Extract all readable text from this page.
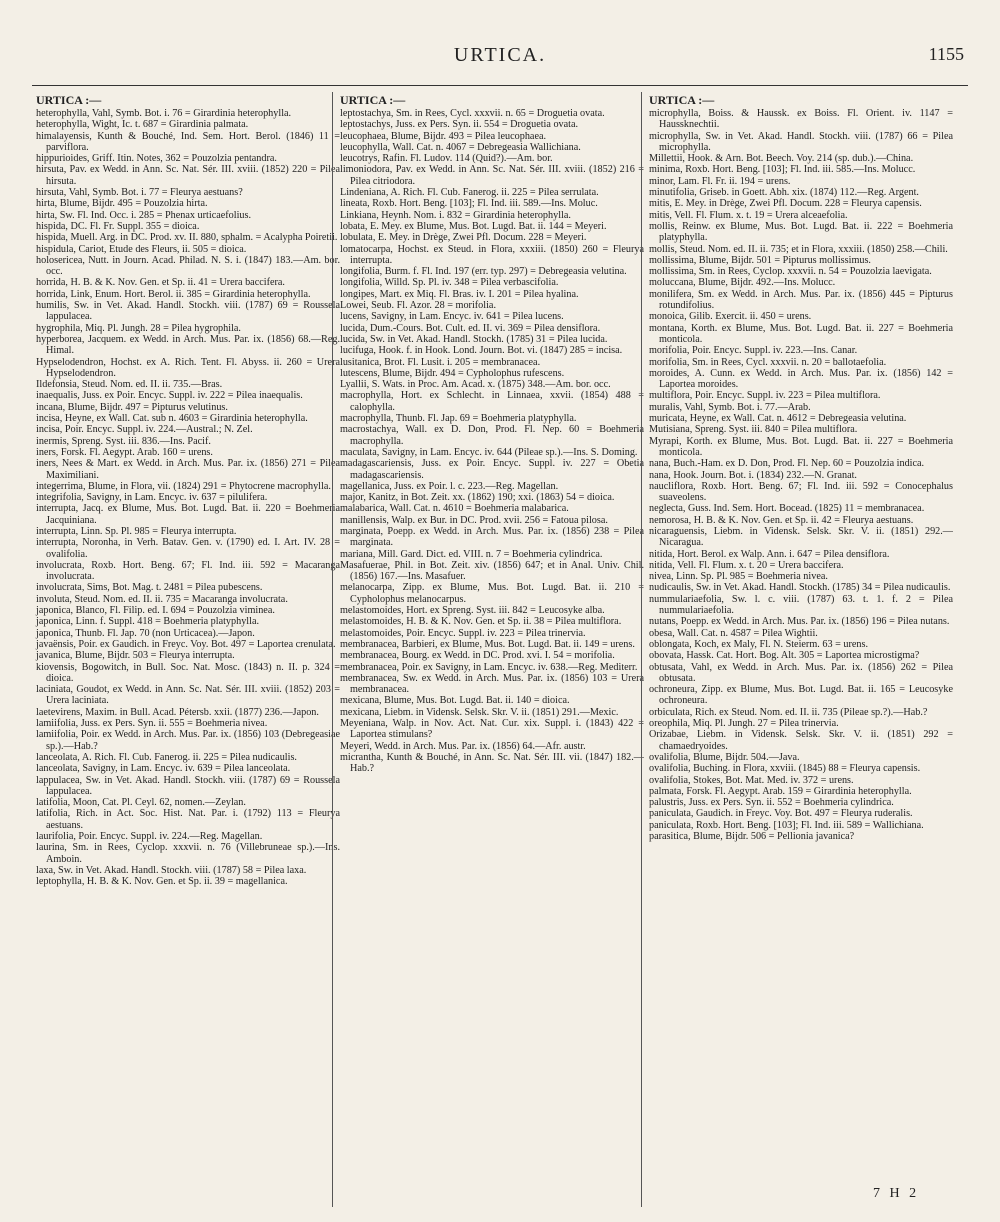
URTICA.	1155
URTICA :—

heterophylla, Vahl, Symb. Bot. i. 76 = Girardinia heterophylla.

heterophylla, Wight, Ic. t. 687 = Girardinia palmata.

himalayensis, Kunth & Bouché, Ind. Sem. Hort. Berol. (1846) 11 = parviflora.

hippurioides, Griff. Itin. Notes, 362 = Pouzolzia pentandra.

hirsuta, Pav. ex Wedd. in Ann. Sc. Nat. Sér. III. xviii. (1852) 220 = Pilea hirsuta.

hirsuta, Vahl, Symb. Bot. i. 77 = Fleurya aestuans?

hirta, Blume, Bijdr. 495 = Pouzolzia hirta.

hirta, Sw. Fl. Ind. Occ. i. 285 = Phenax urticaefolius.

hispida, DC. Fl. Fr. Suppl. 355 = dioica.

hispida, Muell. Arg. in DC. Prod. xv. II. 880, sphalm. = Acalypha Poiretii.

hispidula, Cariot, Etude des Fleurs, ii. 505 = dioica.

holosericea, Nutt. in Journ. Acad. Philad. N. S. i. (1847) 183.—Am. bor. occ.

horrida, H. B. & K. Nov. Gen. et Sp. ii. 41 = Urera baccifera.

horrida, Link, Enum. Hort. Berol. ii. 385 = Girardinia heterophylla.

humilis, Sw. in Vet. Akad. Handl. Stockh. viii. (1787) 69 = Roussela lappulacea.

hygrophila, Miq. Pl. Jungh. 28 = Pilea hygrophila.

hyperborea, Jacquem. ex Wedd. in Arch. Mus. Par. ix. (1856) 68.—Reg. Himal.

Hypselodendron, Hochst. ex A. Rich. Tent. Fl. Abyss. ii. 260 = Urera Hypselodendron.

Ildefonsia, Steud. Nom. ed. II. ii. 735.—Bras.

inaequalis, Juss. ex Poir. Encyc. Suppl. iv. 222 = Pilea inaequalis.

incana, Blume, Bijdr. 497 = Pipturus velutinus.

incisa, Heyne, ex Wall. Cat. sub n. 4603 = Girardinia heterophylla.

incisa, Poir. Encyc. Suppl. iv. 224.—Austral.; N. Zel.

inermis, Spreng. Syst. iii. 836.—Ins. Pacif.

iners, Forsk. Fl. Aegypt. Arab. 160 = urens.

iners, Nees & Mart. ex Wedd. in Arch. Mus. Par. ix. (1856) 271 = Pilea Maximiliani.

integerrima, Blume, in Flora, vii. (1824) 291 = Phytocrene macrophylla.

integrifolia, Savigny, in Lam. Encyc. iv. 637 = pilulifera.

interrupta, Jacq. ex Blume, Mus. Bot. Lugd. Bat. ii. 220 = Boehmeria Jacquiniana.

interrupta, Linn. Sp. Pl. 985 = Fleurya interrupta.

interrupta, Noronha, in Verh. Batav. Gen. v. (1790) ed. I. Art. IV. 28 = ovalifolia.

involucrata, Roxb. Hort. Beng. 67; Fl. Ind. iii. 592 = Macaranga involucrata.

involucrata, Sims, Bot. Mag. t. 2481 = Pilea pubescens.

involuta, Steud. Nom. ed. II. ii. 735 = Macaranga involucrata.

japonica, Blanco, Fl. Filip. ed. I. 694 = Pouzolzia viminea.

japonica, Linn. f. Suppl. 418 = Boehmeria platyphylla.

japonica, Thunb. Fl. Jap. 70 (non Urticacea).—Japon.

javaënsis, Poir. ex Gaudich. in Freyc. Voy. Bot. 497 = Laportea crenulata.

javanica, Blume, Bijdr. 503 = Fleurya interrupta.

kiovensis, Bogowitch, in Bull. Soc. Nat. Mosc. (1843) n. II. p. 324 = dioica.

laciniata, Goudot, ex Wedd. in Ann. Sc. Nat. Sér. III. xviii. (1852) 203 = Urera laciniata.

laetevirens, Maxim. in Bull. Acad. Pétersb. xxii. (1877) 236.—Japon.

lamiifolia, Juss. ex Pers. Syn. ii. 555 = Boehmeria nivea.

lamiifolia, Poir. ex Wedd. in Arch. Mus. Par. ix. (1856) 103 (Debregeasiae sp.).—Hab.?

lanceolata, A. Rich. Fl. Cub. Fanerog. ii. 225 = Pilea nudicaulis.

lanceolata, Savigny, in Lam. Encyc. iv. 639 = Pilea lanceolata.

lappulacea, Sw. in Vet. Akad. Handl. Stockh. viii. (1787) 69 = Roussela lappulacea.

latifolia, Moon, Cat. Pl. Ceyl. 62, nomen.—Zeylan.

latifolia, Rich. in Act. Soc. Hist. Nat. Par. i. (1792) 113 = Fleurya aestuans.

laurifolia, Poir. Encyc. Suppl. iv. 224.—Reg. Magellan.

laurina, Sm. in Rees, Cyclop. xxxvii. n. 76 (Villebruneae sp.).—Ins. Amboin.

laxa, Sw. in Vet. Akad. Handl. Stockh. viii. (1787) 58 = Pilea laxa.

leptophylla, H. B. & K. Nov. Gen. et Sp. ii. 39 = magellanica.

URTICA :—

leptostachya, Sm. in Rees, Cycl. xxxvii. n. 65 = Droguetia ovata.

leptostachys, Juss. ex Pers. Syn. ii. 554 = Droguetia ovata.

leucophaea, Blume, Bijdr. 493 = Pilea leucophaea.

leucophylla, Wall. Cat. n. 4067 = Debregeasia Wallichiana.

leucotrys, Rafin. Fl. Ludov. 114 (Quid?).—Am. bor.

limoniodora, Pav. ex Wedd. in Ann. Sc. Nat. Sér. III. xviii. (1852) 216 = Pilea citriodora.

Lindeniana, A. Rich. Fl. Cub. Fanerog. ii. 225 = Pilea serrulata.

lineata, Roxb. Hort. Beng. [103]; Fl. Ind. iii. 589.—Ins. Moluc.

Linkiana, Heynh. Nom. i. 832 = Girardinia heterophylla.

lobata, E. Mey. ex Blume, Mus. Bot. Lugd. Bat. ii. 144 = Meyeri.

lobulata, E. Mey. in Drège, Zwei Pfl. Docum. 228 = Meyeri.

lomatocarpa, Hochst. ex Steud. in Flora, xxxiii. (1850) 260 = Fleurya interrupta.

longifolia, Burm. f. Fl. Ind. 197 (err. typ. 297) = Debregeasia velutina.

longifolia, Willd. Sp. Pl. iv. 348 = Pilea verbascifolia.

longipes, Mart. ex Miq. Fl. Bras. iv. I. 201 = Pilea hyalina.

Lowei, Seub. Fl. Azor. 28 = morifolia.

lucens, Savigny, in Lam. Encyc. iv. 641 = Pilea lucens.

lucida, Dum.-Cours. Bot. Cult. ed. II. vi. 369 = Pilea densiflora.

lucida, Sw. in Vet. Akad. Handl. Stockh. (1785) 31 = Pilea lucida.

lucifuga, Hook. f. in Hook. Lond. Journ. Bot. vi. (1847) 285 = incisa.

lusitanica, Brot. Fl. Lusit. i. 205 = membranacea.

lutescens, Blume, Bijdr. 494 = Cypholophus rufescens.

Lyallii, S. Wats. in Proc. Am. Acad. x. (1875) 348.—Am. bor. occ.

macrophylla, Hort. ex Schlecht. in Linnaea, xxvii. (1854) 488 = calophylla.

macrophylla, Thunb. Fl. Jap. 69 = Boehmeria platyphylla.

macrostachya, Wall. ex D. Don, Prod. Fl. Nep. 60 = Boehmeria macrophylla.

maculata, Savigny, in Lam. Encyc. iv. 644 (Pileae sp.).—Ins. S. Doming.

madagascariensis, Juss. ex Poir. Encyc. Suppl. iv. 227 = Obetia madagascariensis.

magellanica, Juss. ex Poir. l. c. 223.—Reg. Magellan.

major, Kanitz, in Bot. Zeit. xx. (1862) 190; xxi. (1863) 54 = dioica.

malabarica, Wall. Cat. n. 4610 = Boehmeria malabarica.

manillensis, Walp. ex Bur. in DC. Prod. xvii. 256 = Fatoua pilosa.

marginata, Poepp. ex Wedd. in Arch. Mus. Par. ix. (1856) 238 = Pilea marginata.

mariana, Mill. Gard. Dict. ed. VIII. n. 7 = Boehmeria cylindrica.

Masafuerae, Phil. in Bot. Zeit. xiv. (1856) 647; et in Anal. Univ. Chil. (1856) 167.—Ins. Masafuer.

melanocarpa, Zipp. ex Blume, Mus. Bot. Lugd. Bat. ii. 210 = Cypholophus melanocarpus.

melastomoides, Hort. ex Spreng. Syst. iii. 842 = Leucosyke alba.

melastomoides, H. B. & K. Nov. Gen. et Sp. ii. 38 = Pilea multiflora.

melastomoides, Poir. Encyc. Suppl. iv. 223 = Pilea trinervia.

membranacea, Barbieri, ex Blume, Mus. Bot. Lugd. Bat. ii. 149 = urens.

membranacea, Bourg. ex Wedd. in DC. Prod. xvi. I. 54 = morifolia.

membranacea, Poir. ex Savigny, in Lam. Encyc. iv. 638.—Reg. Mediterr.

membranacea, Sw. ex Wedd. in Arch. Mus. Par. ix. (1856) 103 = Urera membranacea.

mexicana, Blume, Mus. Bot. Lugd. Bat. ii. 140 = dioica.

mexicana, Liebm. in Vidensk. Selsk. Skr. V. ii. (1851) 291.—Mexic.

Meyeniana, Walp. in Nov. Act. Nat. Cur. xix. Suppl. i. (1843) 422 = Laportea stimulans?

Meyeri, Wedd. in Arch. Mus. Par. ix. (1856) 64.—Afr. austr.

micrantha, Kunth & Bouché, in Ann. Sc. Nat. Sér. III. vii. (1847) 182.—Hab.?

URTICA :—

microphylla, Boiss. & Haussk. ex Boiss. Fl. Orient. iv. 1147 = Haussknechtii.

microphylla, Sw. in Vet. Akad. Handl. Stockh. viii. (1787) 66 = Pilea microphylla.

Millettii, Hook. & Arn. Bot. Beech. Voy. 214 (sp. dub.).—China.

minima, Roxb. Hort. Beng. [103]; Fl. Ind. iii. 585.—Ins. Molucc.

minor, Lam. Fl. Fr. ii. 194 = urens.

minutifolia, Griseb. in Goett. Abh. xix. (1874) 112.—Reg. Argent.

mitis, E. Mey. in Drège, Zwei Pfl. Docum. 228 = Fleurya capensis.

mitis, Vell. Fl. Flum. x. t. 19 = Urera alceaefolia.

mollis, Reinw. ex Blume, Mus. Bot. Lugd. Bat. ii. 222 = Boehmeria platyphylla.

mollis, Steud. Nom. ed. II. ii. 735; et in Flora, xxxiii. (1850) 258.—Chili.

mollissima, Blume, Bijdr. 501 = Pipturus mollissimus.

mollissima, Sm. in Rees, Cyclop. xxxvii. n. 54 = Pouzolzia laevigata.

moluccana, Blume, Bijdr. 492.—Ins. Molucc.

monilifera, Sm. ex Wedd. in Arch. Mus. Par. ix. (1856) 445 = Pipturus rotundifolius.

monoica, Gilib. Exercit. ii. 450 = urens.

montana, Korth. ex Blume, Mus. Bot. Lugd. Bat. ii. 227 = Boehmeria monticola.

morifolia, Poir. Encyc. Suppl. iv. 223.—Ins. Canar.

morifolia, Sm. in Rees, Cycl. xxxvii. n. 20 = ballotaefolia.

moroides, A. Cunn. ex Wedd. in Arch. Mus. Par. ix. (1856) 142 = Laportea moroides.

multiflora, Poir. Encyc. Suppl. iv. 223 = Pilea multiflora.

muralis, Vahl, Symb. Bot. i. 77.—Arab.

muricata, Heyne, ex Wall. Cat. n. 4612 = Debregeasia velutina.

Mutisiana, Spreng. Syst. iii. 840 = Pilea multiflora.

Myrapi, Korth. ex Blume, Mus. Bot. Lugd. Bat. ii. 227 = Boehmeria monticola.

nana, Buch.-Ham. ex D. Don, Prod. Fl. Nep. 60 = Pouzolzia indica.

nana, Hook. Journ. Bot. i. (1834) 232.—N. Granat.

naucliflora, Roxb. Hort. Beng. 67; Fl. Ind. iii. 592 = Conocephalus suaveolens.

neglecta, Guss. Ind. Sem. Hort. Bocead. (1825) 11 = membranacea.

nemorosa, H. B. & K. Nov. Gen. et Sp. ii. 42 = Fleurya aestuans.

nicaraguensis, Liebm. in Vidensk. Selsk. Skr. V. ii. (1851) 292.—Nicaragua.

nitida, Hort. Berol. ex Walp. Ann. i. 647 = Pilea densiflora.

nitida, Vell. Fl. Flum. x. t. 20 = Urera baccifera.

nivea, Linn. Sp. Pl. 985 = Boehmeria nivea.

nudicaulis, Sw. in Vet. Akad. Handl. Stockh. (1785) 34 = Pilea nudicaulis.

nummulariaefolia, Sw. l. c. viii. (1787) 63. t. 1. f. 2 = Pilea nummulariaefolia.

nutans, Poepp. ex Wedd. in Arch. Mus. Par. ix. (1856) 196 = Pilea nutans.

obesa, Wall. Cat. n. 4587 = Pilea Wightii.

oblongata, Koch, ex Maly, Fl. N. Steierm. 63 = urens.

obovata, Hassk. Cat. Hort. Bog. Alt. 305 = Laportea microstigma?

obtusata, Vahl, ex Wedd. in Arch. Mus. Par. ix. (1856) 262 = Pilea obtusata.

ochroneura, Zipp. ex Blume, Mus. Bot. Lugd. Bat. ii. 165 = Leucosyke ochroneura.

orbiculata, Rich. ex Steud. Nom. ed. II. ii. 735 (Pileae sp.?).—Hab.?

oreophila, Miq. Pl. Jungh. 27 = Pilea trinervia.

Orizabae, Liebm. in Vidensk. Selsk. Skr. V. ii. (1851) 292 = chamaedryoides.

ovalifolia, Blume, Bijdr. 504.—Java.

ovalifolia, Buching. in Flora, xxviii. (1845) 88 = Fleurya capensis.

ovalifolia, Stokes, Bot. Mat. Med. iv. 372 = urens.

palmata, Forsk. Fl. Aegypt. Arab. 159 = Girardinia heterophylla.

palustris, Juss. ex Pers. Syn. ii. 552 = Boehmeria cylindrica.

paniculata, Gaudich. in Freyc. Voy. Bot. 497 = Fleurya ruderalis.

paniculata, Roxb. Hort. Beng. [103]; Fl. Ind. iii. 589 = Wallichiana.

parasitica, Blume, Bijdr. 506 = Pellionia javanica?

7 H 2
